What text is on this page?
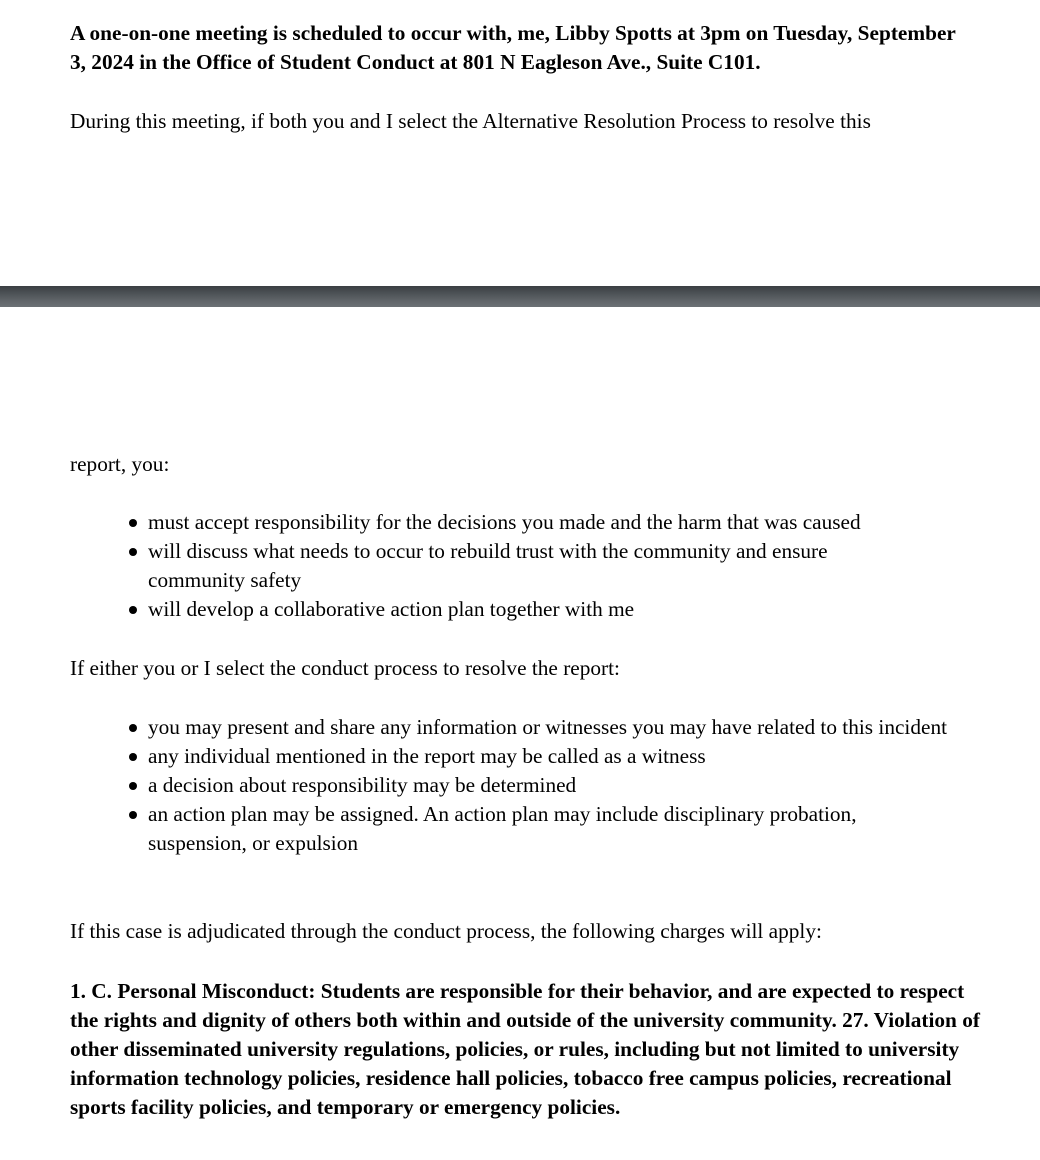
A one-on-one meeting is scheduled to occur with, me, Libby Spotts at 3pm on Tuesday, September 3, 2024 in the Office of Student Conduct at 801 N Eagleson Ave., Suite C101.

During this meeting, if both you and I select the Alternative Resolution Process to resolve this

report, you:

must accept responsibility for the decisions you made and the harm that was caused
will discuss what needs to occur to rebuild trust with the community and ensure community safety
will develop a collaborative action plan together with me

If either you or I select the conduct process to resolve the report:

you may present and share any information or witnesses you may have related to this incident
any individual mentioned in the report may be called as a witness
a decision about responsibility may be determined
an action plan may be assigned. An action plan may include disciplinary probation, suspension, or expulsion

If this case is adjudicated through the conduct process, the following charges will apply:

1. C. Personal Misconduct: Students are responsible for their behavior, and are expected to respect the rights and dignity of others both within and outside of the university community. 27. Violation of other disseminated university regulations, policies, or rules, including but not limited to university information technology policies, residence hall policies, tobacco free campus policies, recreational sports facility policies, and temporary or emergency policies.
